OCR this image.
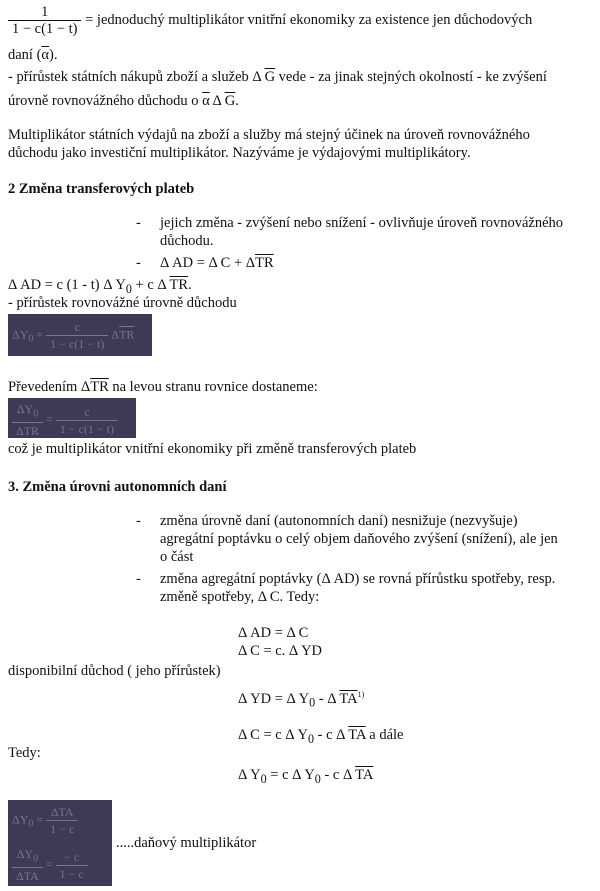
$\frac{1}{1 - c(1 - t)}$ = jednoduchý multiplikátor vnitřní ekonomiky za existence jen důchodových
daní $(\overline{\alpha})$.
- přírůstek státních nákupů zboží a služeb Δ $\overline{G}$ vede - za jinak stejných okolností - ke zvýšení
úrovně rovnovážného důchodu o $\overline{\alpha}$ Δ $\overline{G}$.
Multiplikátor státních výdajů na zboží a služby má stejný účinek na úroveň rovnovážného
důchodu jako investiční multiplikátor. Nazýváme je výdajovými multiplikátory.
2 Změna transferových plateb
- jejich změna - zvýšení nebo snížení - ovlivňuje úroveň rovnovážného
důchodu.
- Δ AD = Δ $C + \Delta\overline{TR}$
Δ AD = c (1 - t) Δ $Y_0 + c$ Δ $\overline{TR}$.
- přírůstek rovnovážné úrovně důchodu
$\Delta Y_0 = \frac{c}{1 - c(1 - t)} \Delta\overline{TR}$
Převedením $\Delta\overline{TR}$ na levou stranu rovnice dostaneme:
$\frac{\Delta Y_0}{\text{ΔTR}} = \frac{c}{1 - c(1 - t)}$
což je multiplikátor vnitřní ekonomiky při změně transferových plateb
3. Změna úrovni autonomních daní
- změna úrovně daní (autonomních daní) nesnižuje (nezvyšuje)
agregátní poptávku o celý objem daňového zvýšení (snížení), ale jen
o část
- změna agregátní poptávky (Δ AD) se rovná přírůstku spotřeby, resp.
změně spotřeby, Δ C. Tedy:
Δ AD = Δ C
Δ C = c. Δ YD
disponibilní důchod ( jeho přírůstek)
Δ YD = Δ $Y_0$ - Δ $\overline{TA}^{1)}$
Δ C = c Δ $Y_0$ - c Δ $\overline{TA}$ a dále
Tedy:
Δ $Y_0 = c$ Δ $Y_0$ - c Δ $\overline{TA}$
$\Delta Y_0 = \frac{\text{ΔTA}}{1 - c}$
$\frac{\Delta Y_0}{\text{ΔTA}} = \frac{- c}{1 - c}$
.....daňový multiplikátor
